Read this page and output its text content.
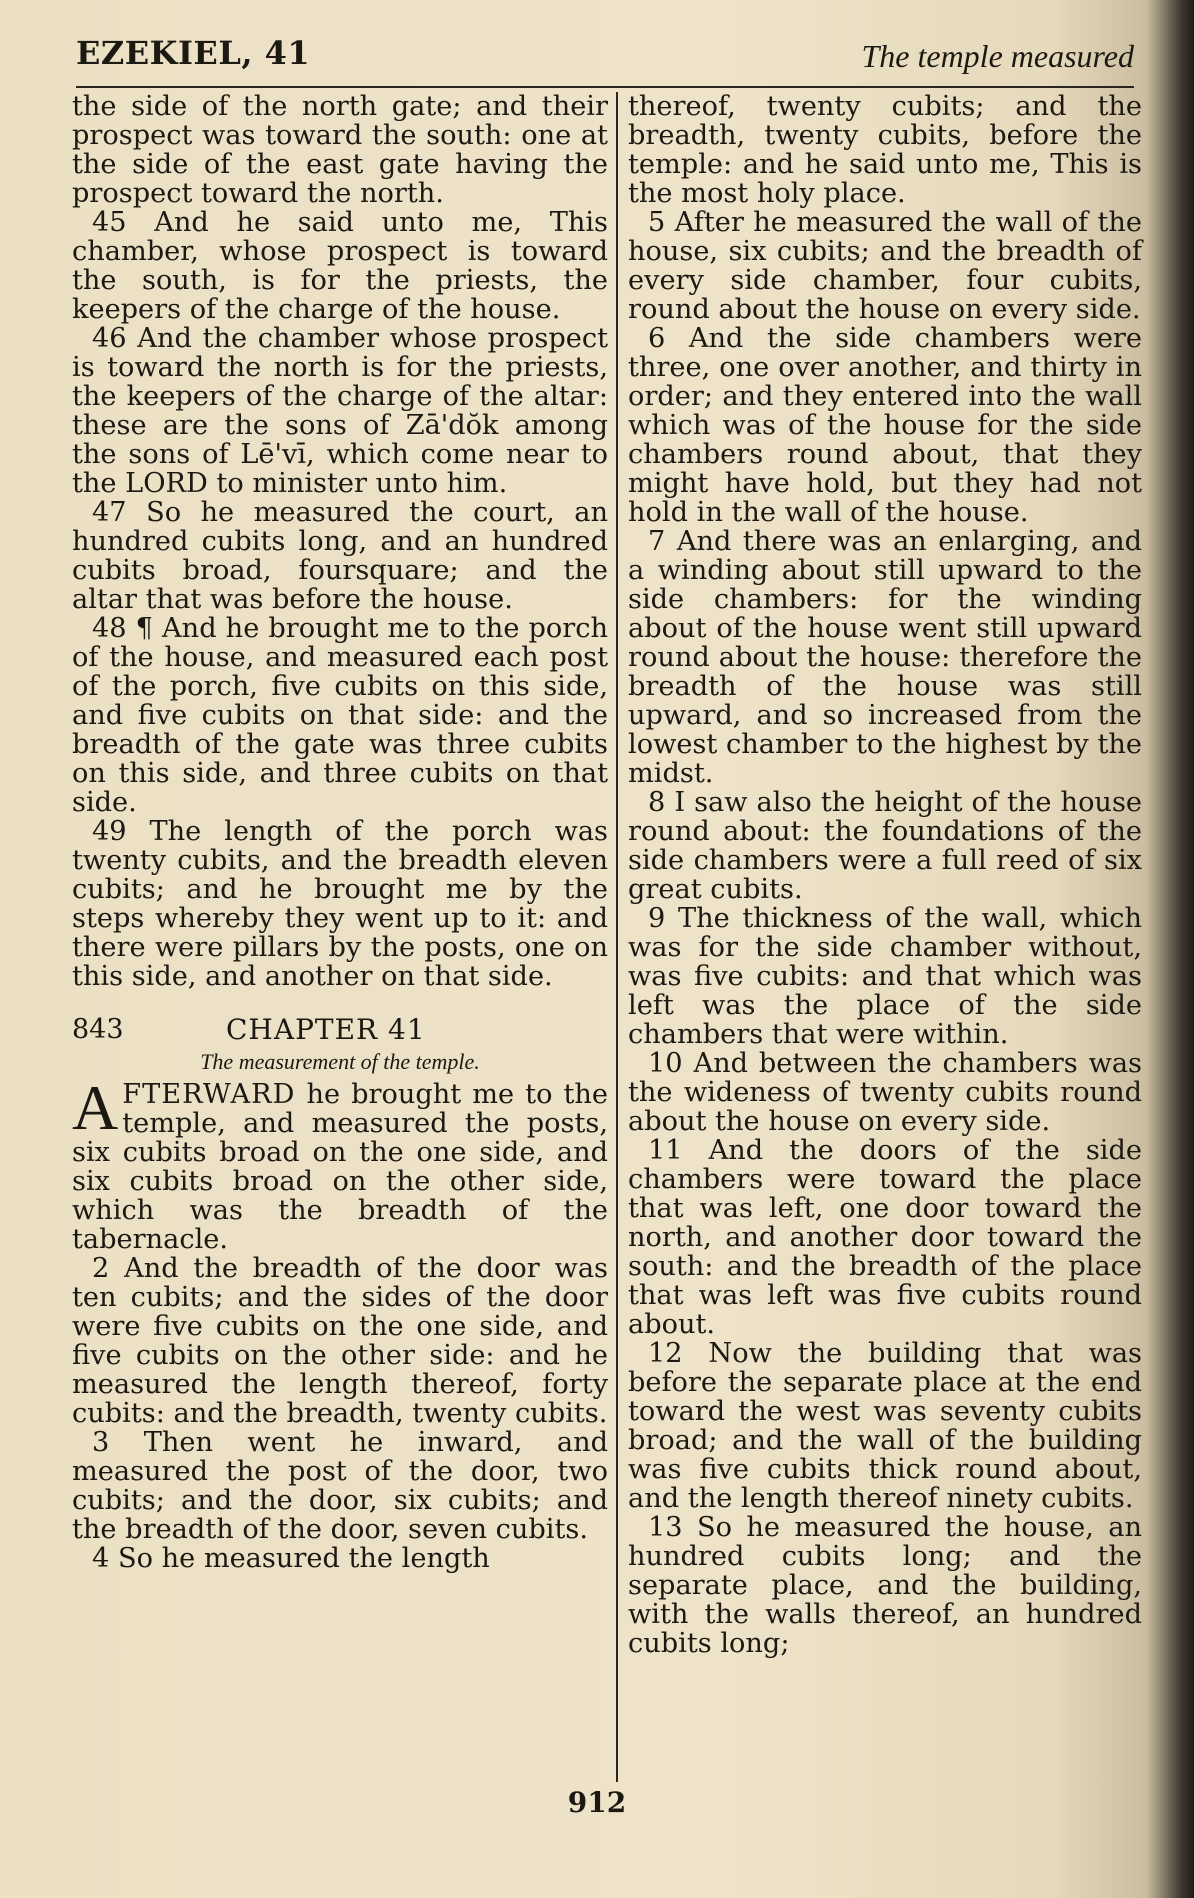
EZEKIEL, 41	The temple measured

the side of the north gate; and their prospect was toward the south: one at the side of the east gate having the prospect toward the north.

45 And he said unto me, This chamber, whose prospect is toward the south, is for the priests, the keepers of the charge of the house.

46 And the chamber whose prospect is toward the north is for the priests, the keepers of the charge of the altar: these are the sons of Zā'dŏk among the sons of Lē'vī, which come near to the LORD to minister unto him.

47 So he measured the court, an hundred cubits long, and an hundred cubits broad, foursquare; and the altar that was before the house.

48 ¶ And he brought me to the porch of the house, and measured each post of the porch, five cubits on this side, and five cubits on that side: and the breadth of the gate was three cubits on this side, and three cubits on that side.

49 The length of the porch was twenty cubits, and the breadth eleven cubits; and he brought me by the steps whereby they went up to it: and there were pillars by the posts, one on this side, and another on that side.

843	CHAPTER 41
The measurement of the temple.

AFTERWARD he brought me to the temple, and measured the posts, six cubits broad on the one side, and six cubits broad on the other side, which was the breadth of the tabernacle.

2 And the breadth of the door was ten cubits; and the sides of the door were five cubits on the one side, and five cubits on the other side: and he measured the length thereof, forty cubits: and the breadth, twenty cubits.

3 Then went he inward, and measured the post of the door, two cubits; and the door, six cubits; and the breadth of the door, seven cubits.

4 So he measured the length

thereof, twenty cubits; and the breadth, twenty cubits, before the temple: and he said unto me, This is the most holy place.

5 After he measured the wall of the house, six cubits; and the breadth of every side chamber, four cubits, round about the house on every side.

6 And the side chambers were three, one over another, and thirty in order; and they entered into the wall which was of the house for the side chambers round about, that they might have hold, but they had not hold in the wall of the house.

7 And there was an enlarging, and a winding about still upward to the side chambers: for the winding about of the house went still upward round about the house: therefore the breadth of the house was still upward, and so increased from the lowest chamber to the highest by the midst.

8 I saw also the height of the house round about: the foundations of the side chambers were a full reed of six great cubits.

9 The thickness of the wall, which was for the side chamber without, was five cubits: and that which was left was the place of the side chambers that were within.

10 And between the chambers was the wideness of twenty cubits round about the house on every side.

11 And the doors of the side chambers were toward the place that was left, one door toward the north, and another door toward the south: and the breadth of the place that was left was five cubits round about.

12 Now the building that was before the separate place at the end toward the west was seventy cubits broad; and the wall of the building was five cubits thick round about, and the length thereof ninety cubits.

13 So he measured the house, an hundred cubits long; and the separate place, and the building, with the walls thereof, an hundred cubits long;

912
